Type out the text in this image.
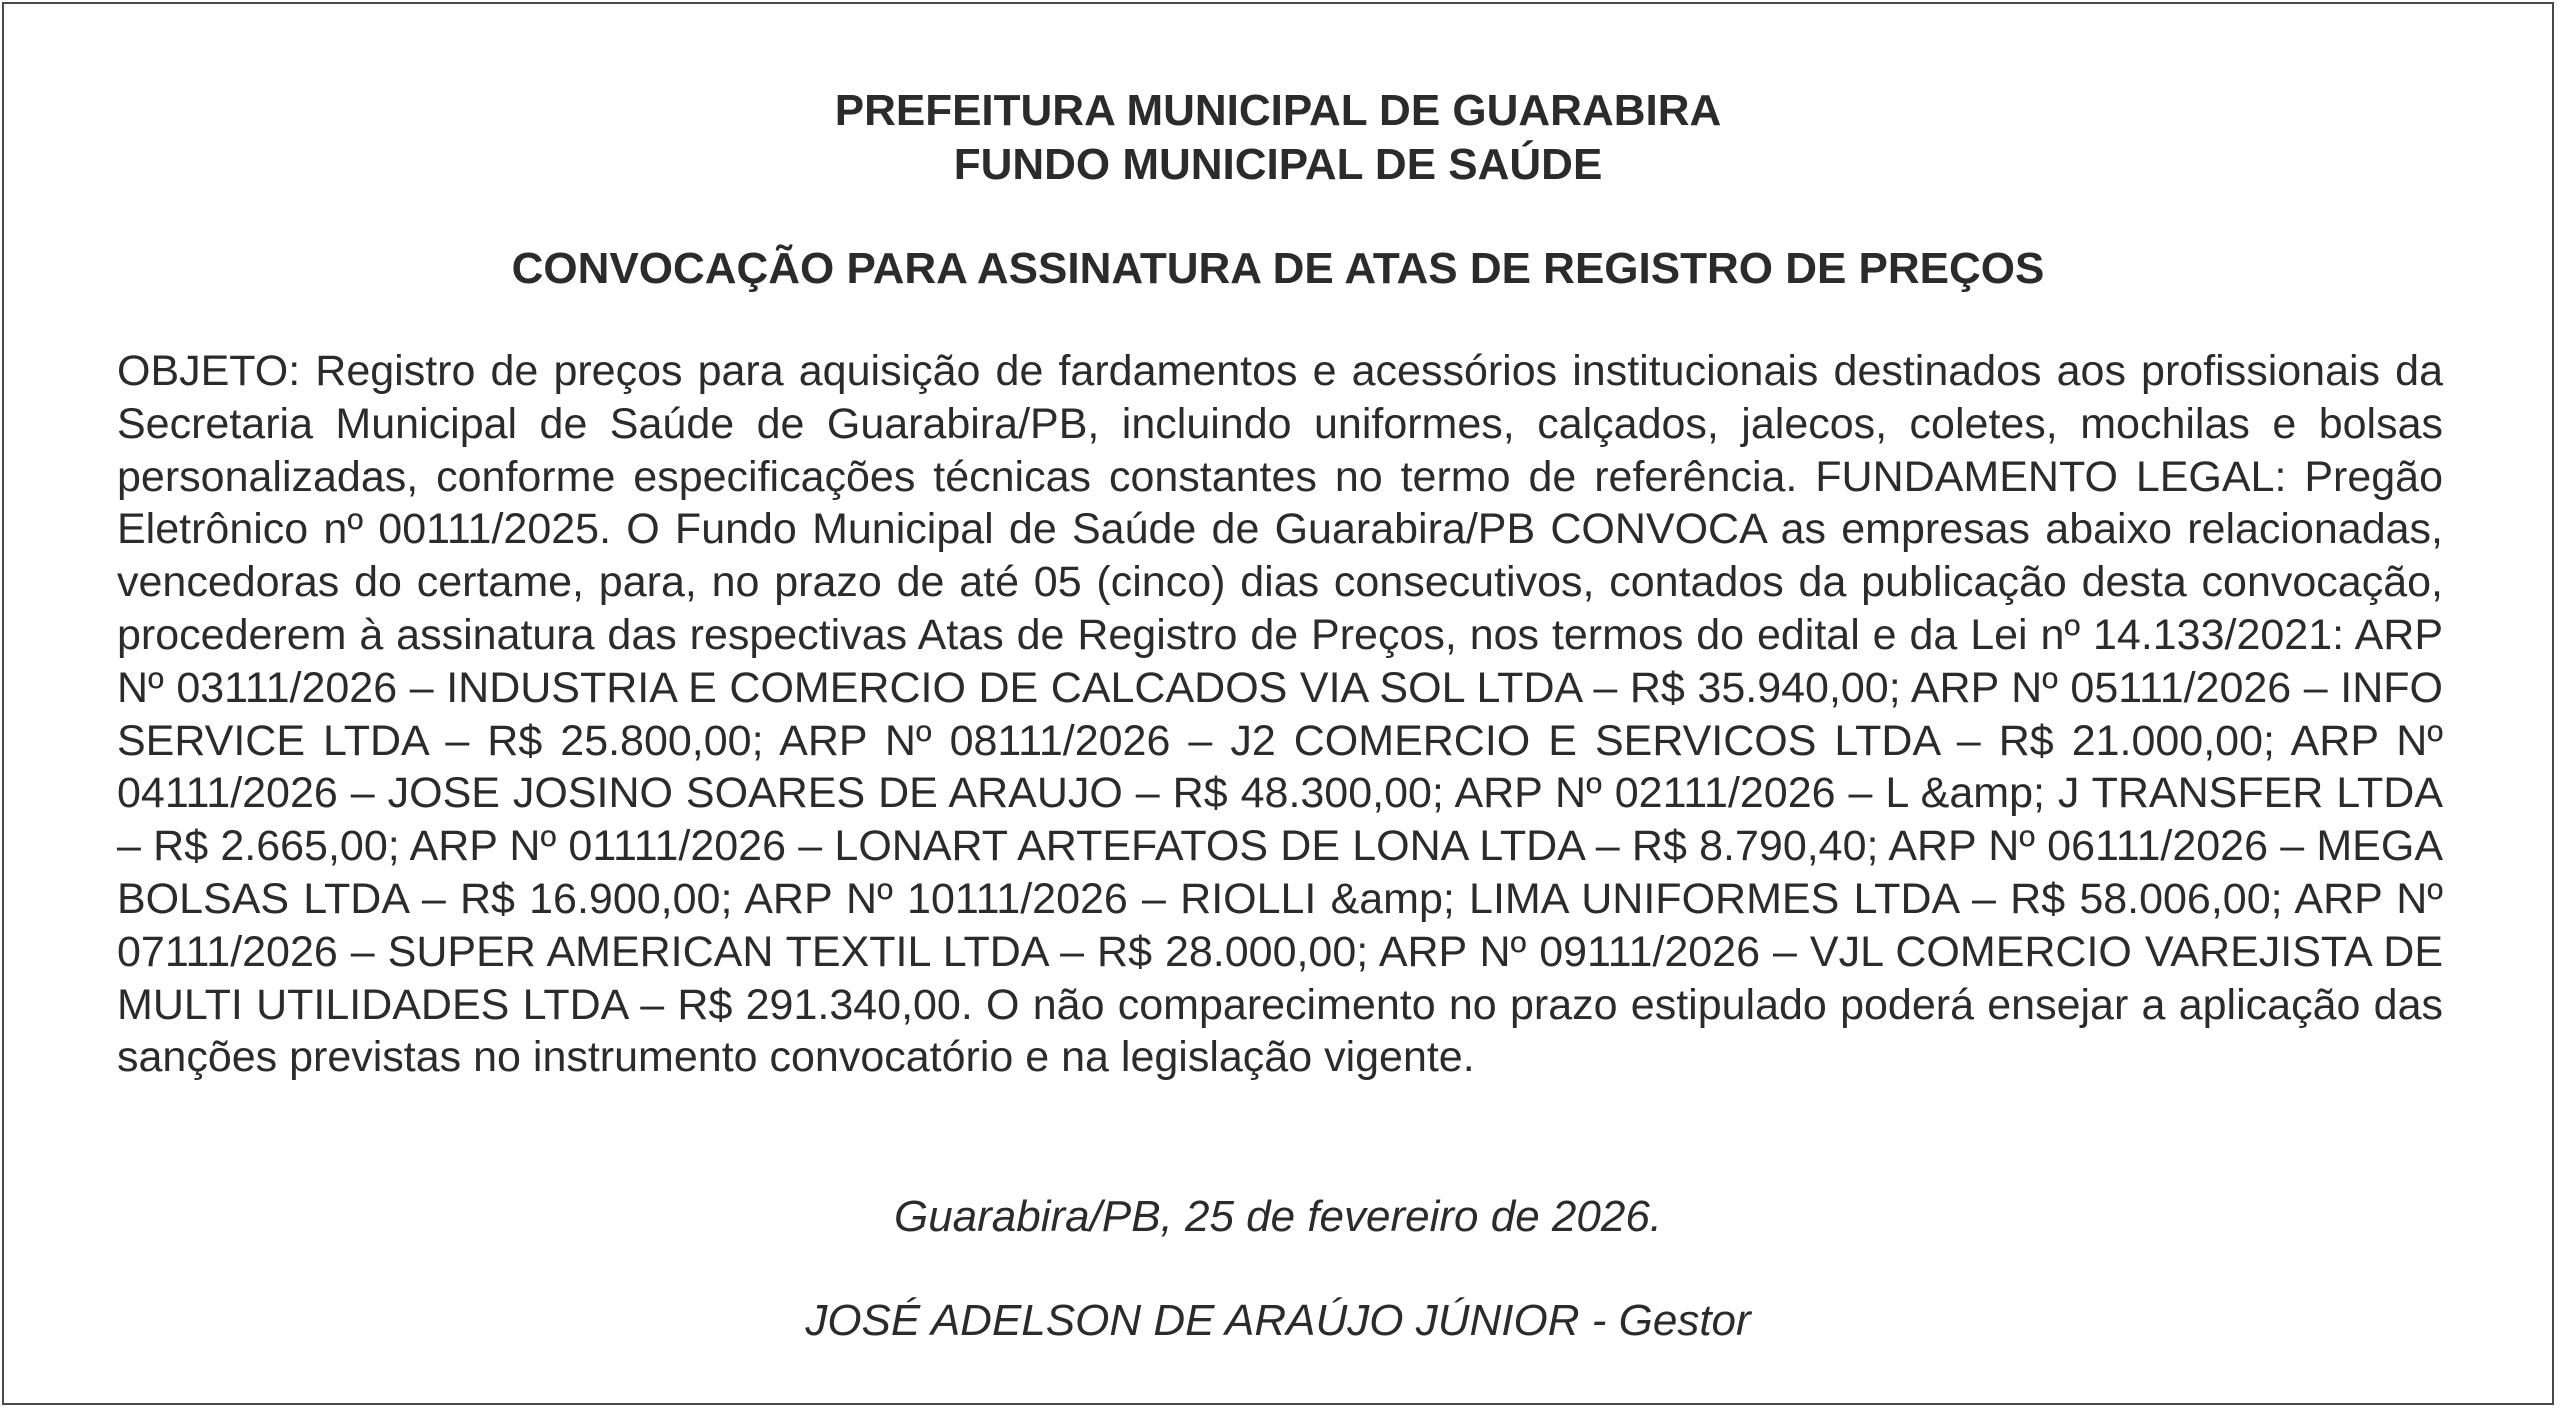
PREFEITURA MUNICIPAL DE GUARABIRA
FUNDO MUNICIPAL DE SAÚDE
CONVOCAÇÃO PARA ASSINATURA DE ATAS DE REGISTRO DE PREÇOS

OBJETO: Registro de preços para aquisição de fardamentos e acessórios institucionais destinados aos profissionais da Secretaria Municipal de Saúde de Guarabira/PB, incluindo uniformes, calçados, jalecos, coletes, mochilas e bolsas personalizadas, conforme especificações técnicas constantes no termo de referência. FUNDAMENTO LEGAL: Pregão Eletrônico nº 00111/2025. O Fundo Municipal de Saúde de Guarabira/PB CONVOCA as empresas abaixo relacionadas, vencedoras do certame, para, no prazo de até 05 (cinco) dias consecutivos, contados da publicação desta convocação, procederem à assinatura das respectivas Atas de Registro de Preços, nos termos do edital e da Lei nº 14.133/2021: ARP Nº 03111/2026 – INDUSTRIA E COMERCIO DE CALCADOS VIA SOL LTDA – R$ 35.940,00; ARP Nº 05111/2026 – INFO SERVICE LTDA – R$ 25.800,00; ARP Nº 08111/2026 – J2 COMERCIO E SERVICOS LTDA – R$ 21.000,00; ARP Nº 04111/2026 – JOSE JOSINO SOARES DE ARAUJO – R$ 48.300,00; ARP Nº 02111/2026 – L &amp; J TRANSFER LTDA – R$ 2.665,00; ARP Nº 01111/2026 – LONART ARTEFATOS DE LONA LTDA – R$ 8.790,40; ARP Nº 06111/2026 – MEGA BOLSAS LTDA – R$ 16.900,00; ARP Nº 10111/2026 – RIOLLI &amp; LIMA UNIFORMES LTDA – R$ 58.006,00; ARP Nº 07111/2026 – SUPER AMERICAN TEXTIL LTDA – R$ 28.000,00; ARP Nº 09111/2026 – VJL COMERCIO VAREJISTA DE MULTI UTILIDADES LTDA – R$ 291.340,00. O não comparecimento no prazo estipulado poderá ensejar a aplicação das sanções previstas no instrumento convocatório e na legislação vigente.

Guarabira/PB, 25 de fevereiro de 2026.
JOSÉ ADELSON DE ARAÚJO JÚNIOR - Gestor
